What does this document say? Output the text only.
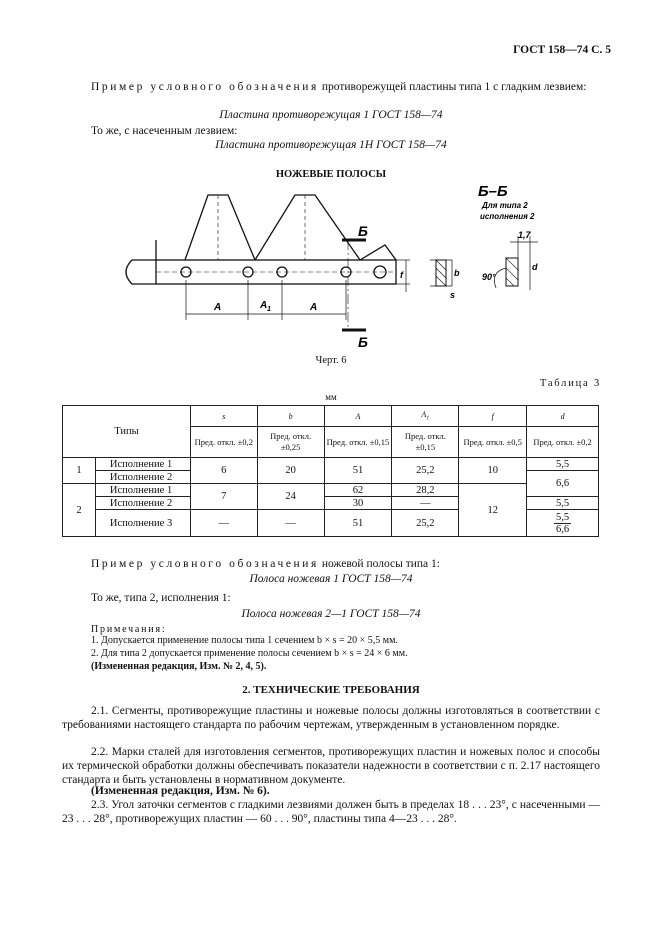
ГОСТ 158—74 С. 5
Пример условного обозначения противорежущей пластины типа 1 с гладким лезвием:
Пластина противорежущая 1 ГОСТ 158—74
То же, с насеченным лезвием:
Пластина противорежущая 1Н ГОСТ 158—74
НОЖЕВЫЕ ПОЛОСЫ
Б
Б
A	A 1	A
f	b
s
d
1,7
90°
Б–Б
Для типа 2
исполнения 2
Черт. 6
Таблица 3
мм
Типы		s	b	A	$A_1$	f	d
		Пред. откл. ±0,2	Пред. откл. ±0,25	Пред. откл. ±0,15	Пред. откл. ±0,15	Пред. откл. ±0,5	Пред. откл. ±0,2
1	Исполнение 1	6	20	51	25,2	10	5,5
	Исполнение 2						6,6
2	Исполнение 1	7	24	62	28,2	12	
	Исполнение 2			30	—		5,5
	Исполнение 3	—	—	51	25,2		$\frac{5,5}{6,6}$
Пример условного обозначения ножевой полосы типа 1:
Полоса ножевая 1 ГОСТ 158—74
То же, типа 2, исполнения 1:
Полоса ножевая 2—1 ГОСТ 158—74
Примечания:
1. Допускается применение полосы типа 1 сечением b × s = 20 × 5,5 мм.
2. Для типа 2 допускается применение полосы сечением b × s = 24 × 6 мм.
(Измененная редакция, Изм. № 2, 4, 5).
2. ТЕХНИЧЕСКИЕ ТРЕБОВАНИЯ
2.1. Сегменты, противорежущие пластины и ножевые полосы должны изготовляться в соответствии с требованиями настоящего стандарта по рабочим чертежам, утвержденным в установленном порядке.
2.2. Марки сталей для изготовления сегментов, противорежущих пластин и ножевых полос и способы их термической обработки должны обеспечивать показатели надежности в соответствии с п. 2.17 настоящего стандарта и быть установлены в нормативном документе.
(Измененная редакция, Изм. № 6).
2.3. Угол заточки сегментов с гладкими лезвиями должен быть в пределах 18 . . . 23°, с насеченными — 23 . . . 28°, противорежущих пластин — 60 . . . 90°, пластины типа 4—23 . . . 28°.
